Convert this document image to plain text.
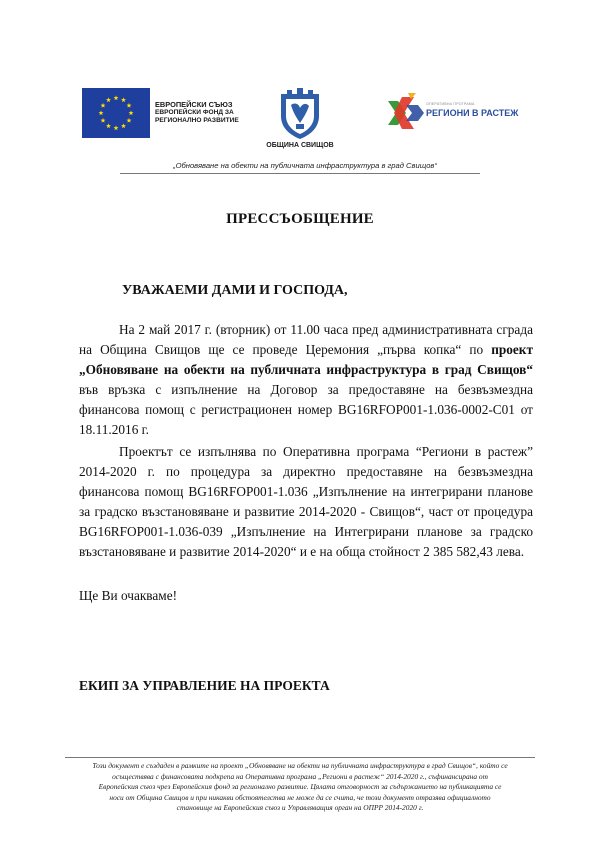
ЕВРОПЕЙСКИ СЪЮЗ
ЕВРОПЕЙСКИ ФОНД ЗА
РЕГИОНАЛНО РАЗВИТИЕ
ОБЩИНА СВИЩОВ
ОПЕРАТИВНА ПРОГРАМА
РЕГИОНИ В РАСТЕЖ
„Обновяване на обекти на публичната инфраструктура в град Свищов“
ПРЕССЪОБЩЕНИЕ
УВАЖАЕМИ ДАМИ И ГОСПОДА,
На 2 май 2017 г. (вторник) от 11.00 часа пред административната сграда на Община Свищов ще се проведе Церемония „първа копка“ по проект „Обновяване на обекти на публичната инфраструктура в град Свищов“ във връзка с изпълнение на Договор за предоставяне на безвъзмездна финансова помощ с регистрационен номер BG16RFOP001-1.036-0002-C01 от 18.11.2016 г.
Проектът се изпълнява по Оперативна програма “Региони в растеж” 2014-2020 г. по процедура за директно предоставяне на безвъзмездна финансова помощ BG16RFOP001-1.036 „Изпълнение на интегрирани планове за градско възстановяване и развитие 2014-2020 - Свищов“, част от процедура BG16RFOP001-1.036-039 „Изпълнение на Интегрирани планове за градско възстановяване и развитие 2014-2020“ и е на обща стойност 2 385 582,43 лева.
Ще Ви очакваме!
ЕКИП ЗА УПРАВЛЕНИЕ НА ПРОЕКТА
Този документ е създаден в рамките на проект „Обновяване на обекти на публичната инфраструктура в град Свищов“, който се
осъществява с финансовата подкрепа на Оперативна програма „Региони в растеж“ 2014-2020 г., съфинансирана от
Европейския съюз чрез Европейския фонд за регионално развитие. Цялата отговорност за съдържанието на публикацията се
носи от Община Свищов и при никакви обстоятелства не може да се счита, че този документ отразява официалното
становище на Европейския съюз и Управляващия орган на ОПРР 2014-2020 г.
